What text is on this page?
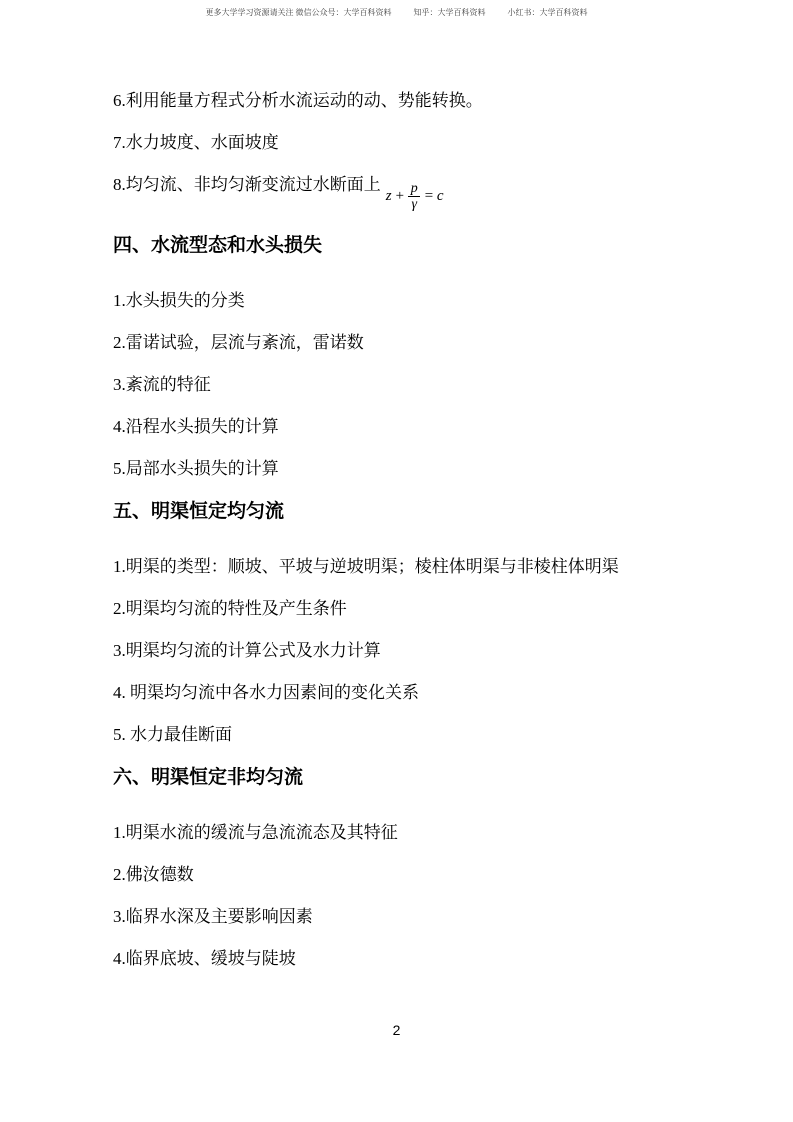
更多大学学习资源请关注 微信公众号：大学百科资料	知乎：大学百科资料	小红书：大学百科资料

6.利用能量方程式分析水流运动的动、势能转换。

7.水力坡度、水面坡度

8.均匀流、非均匀渐变流过水断面上
$z + \frac{p}{\gamma} = c$

四、水流型态和水头损失

1.水头损失的分类

2.雷诺试验，层流与紊流，雷诺数

3.紊流的特征

4.沿程水头损失的计算

5.局部水头损失的计算

五、明渠恒定均匀流

1.明渠的类型：顺坡、平坡与逆坡明渠；棱柱体明渠与非棱柱体明渠

2.明渠均匀流的特性及产生条件

3.明渠均匀流的计算公式及水力计算

4. 明渠均匀流中各水力因素间的变化关系

5. 水力最佳断面

六、明渠恒定非均匀流

1.明渠水流的缓流与急流流态及其特征

2.佛汝德数

3.临界水深及主要影响因素

4.临界底坡、缓坡与陡坡

2
